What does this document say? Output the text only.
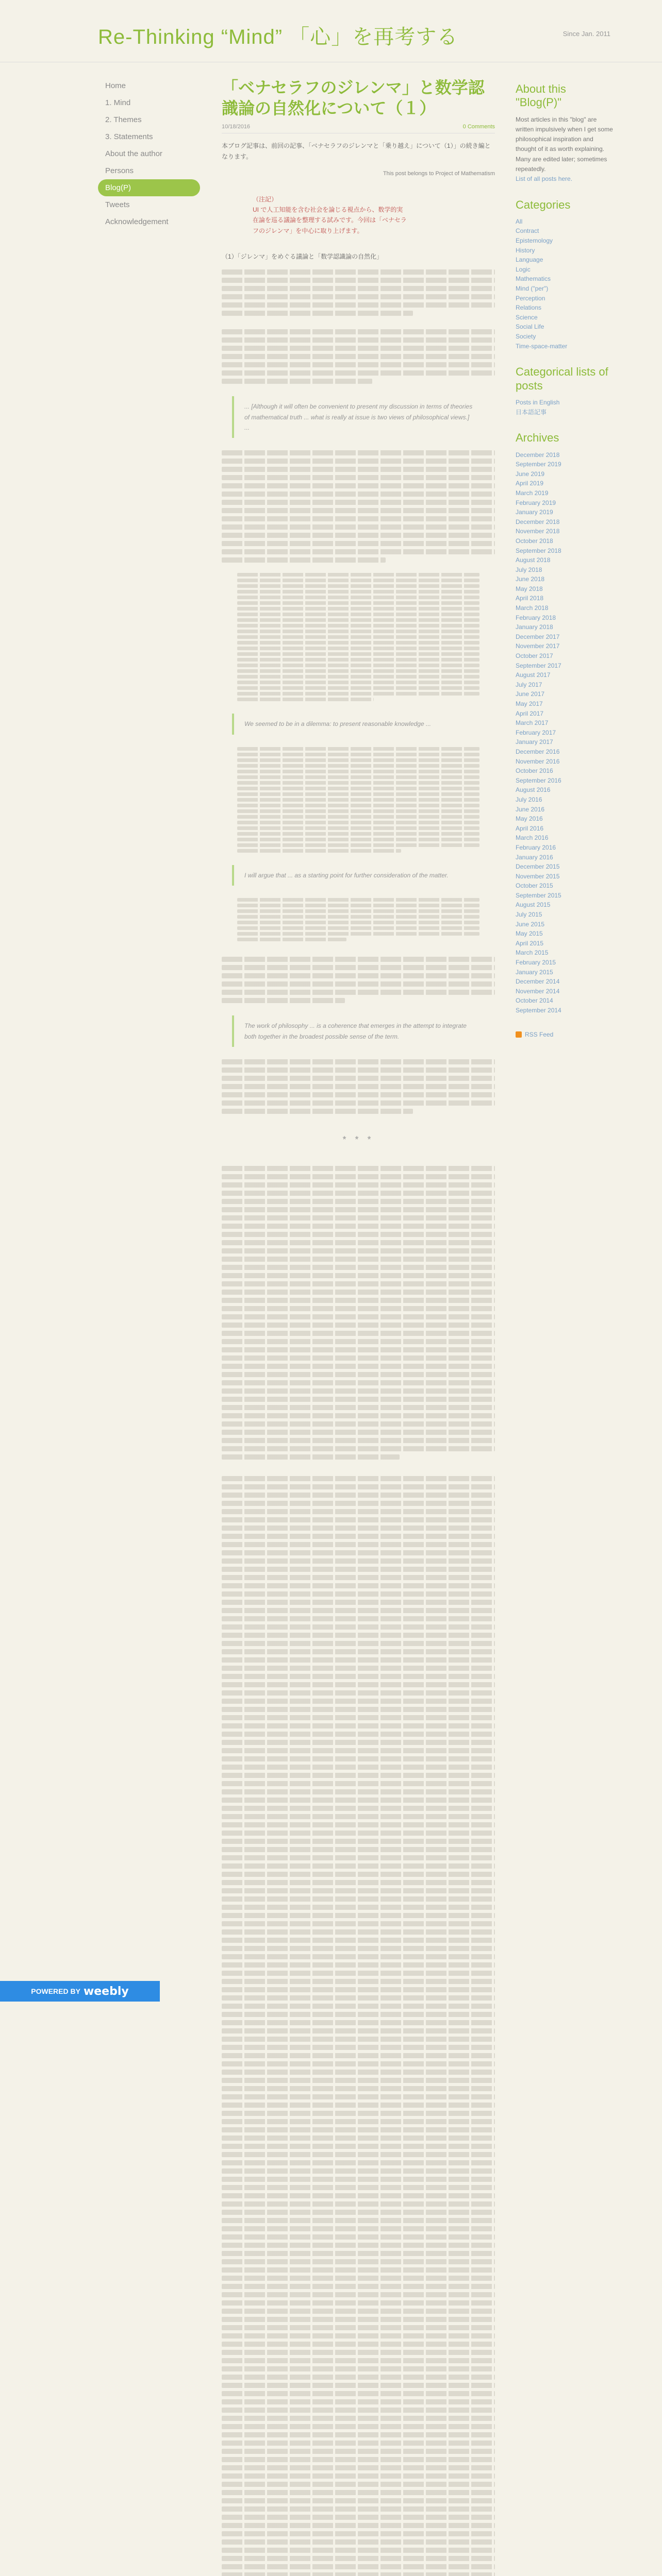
Re-Thinking “Mind” 「心」を再考する	Since Jan. 2011
Home
1. Mind
2. Themes
3. Statements
About the author
Persons
Blog(P)
Tweets
Acknowledgement
「ベナセラフのジレンマ」と数学認識論の自然化について（１）
10/18/2016	0 Comments

本ブログ記事は、前回の記事、「ベナセラフのジレンマと「乗り越え」について（1）」の続き編となります。

This post belongs to Project of Mathematism
（注記）
UI で人工知能を含む社会を論じる視点から、数学的実在論を巡る議論を整理する試みです。今回は「ベナセラフのジレンマ」を中心に取り上げます。

（1）「ジレンマ」をめぐる議論と「数学認識論の自然化」

... [Although it will often be convenient to present my discussion in terms of theories of mathematical truth ... what is really at issue is two views of philosophical views.] ...
We seemed to be in a dilemma: to present reasonable knowledge ...
I will argue that ... as a starting point for further consideration of the matter.
The work of philosophy ... is a coherence that emerges in the attempt to integrate both together in the broadest possible sense of the term.
* * *
About this "Blog(P)"
Most articles in this "blog" are written impulsively when I get some philosophical inspiration and thought of it as worth explaining. Many are edited later; sometimes repeatedly.
List of all posts here.
Categories
All
Contract
Epistemology
History
Language
Logic
Mathematics
Mind ("per")
Perception
Relations
Science
Social Life
Society
Time-space-matter
Categorical lists of posts
Posts in English
日本語記事
Archives
December 2018
September 2019
June 2019
April 2019
March 2019
February 2019
January 2019
December 2018
November 2018
October 2018
September 2018
August 2018
July 2018
June 2018
May 2018
April 2018
March 2018
February 2018
January 2018
December 2017
November 2017
October 2017
September 2017
August 2017
July 2017
June 2017
May 2017
April 2017
March 2017
February 2017
January 2017
December 2016
November 2016
October 2016
September 2016
August 2016
July 2016
June 2016
May 2016
April 2016
March 2016
February 2016
January 2016
December 2015
November 2015
October 2015
September 2015
August 2015
July 2015
June 2015
May 2015
April 2015
March 2015
February 2015
January 2015
December 2014
November 2014
October 2014
September 2014
RSS Feed
POWERED BY weebly
